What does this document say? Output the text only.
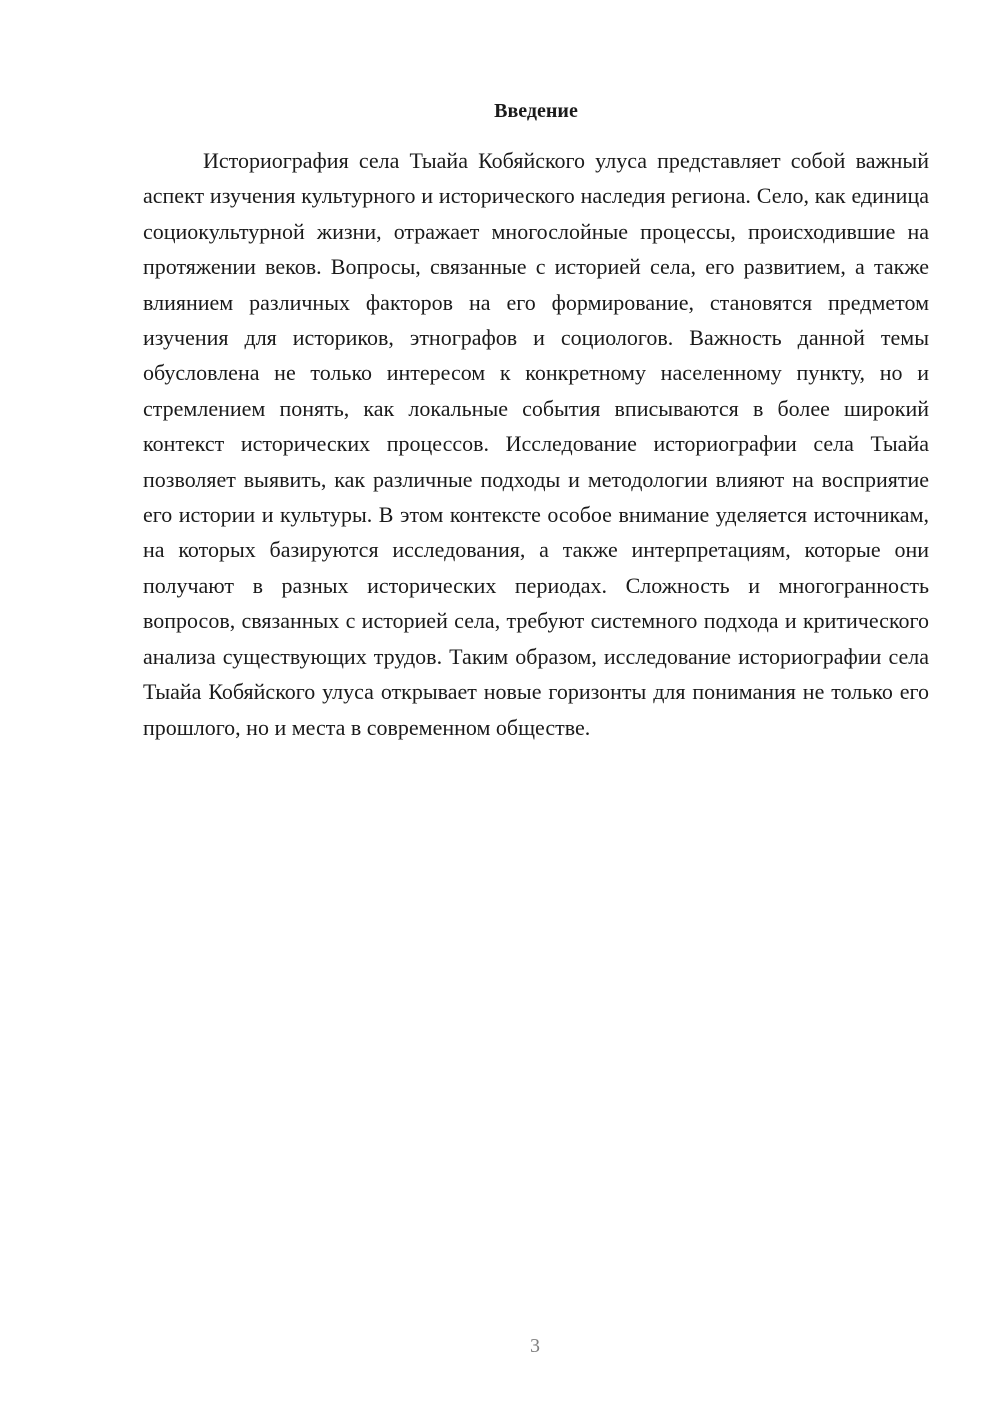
Введение

Историография села Тыайа Кобяйского улуса представляет собой важный аспект изучения культурного и исторического наследия региона. Село, как единица социокультурной жизни, отражает многослойные процессы, происходившие на протяжении веков. Вопросы, связанные с историей села, его развитием, а также влиянием различных факторов на его формирование, становятся предметом изучения для историков, этнографов и социологов. Важность данной темы обусловлена не только интересом к конкретному населенному пункту, но и стремлением понять, как локальные события вписываются в более широкий контекст исторических процессов. Исследование историографии села Тыайа позволяет выявить, как различные подходы и методологии влияют на восприятие его истории и культуры. В этом контексте особое внимание уделяется источникам, на которых базируются исследования, а также интерпретациям, которые они получают в разных исторических периодах. Сложность и многогранность вопросов, связанных с историей села, требуют системного подхода и критического анализа существующих трудов. Таким образом, исследование историографии села Тыайа Кобяйского улуса открывает новые горизонты для понимания не только его прошлого, но и места в современном обществе.

3
